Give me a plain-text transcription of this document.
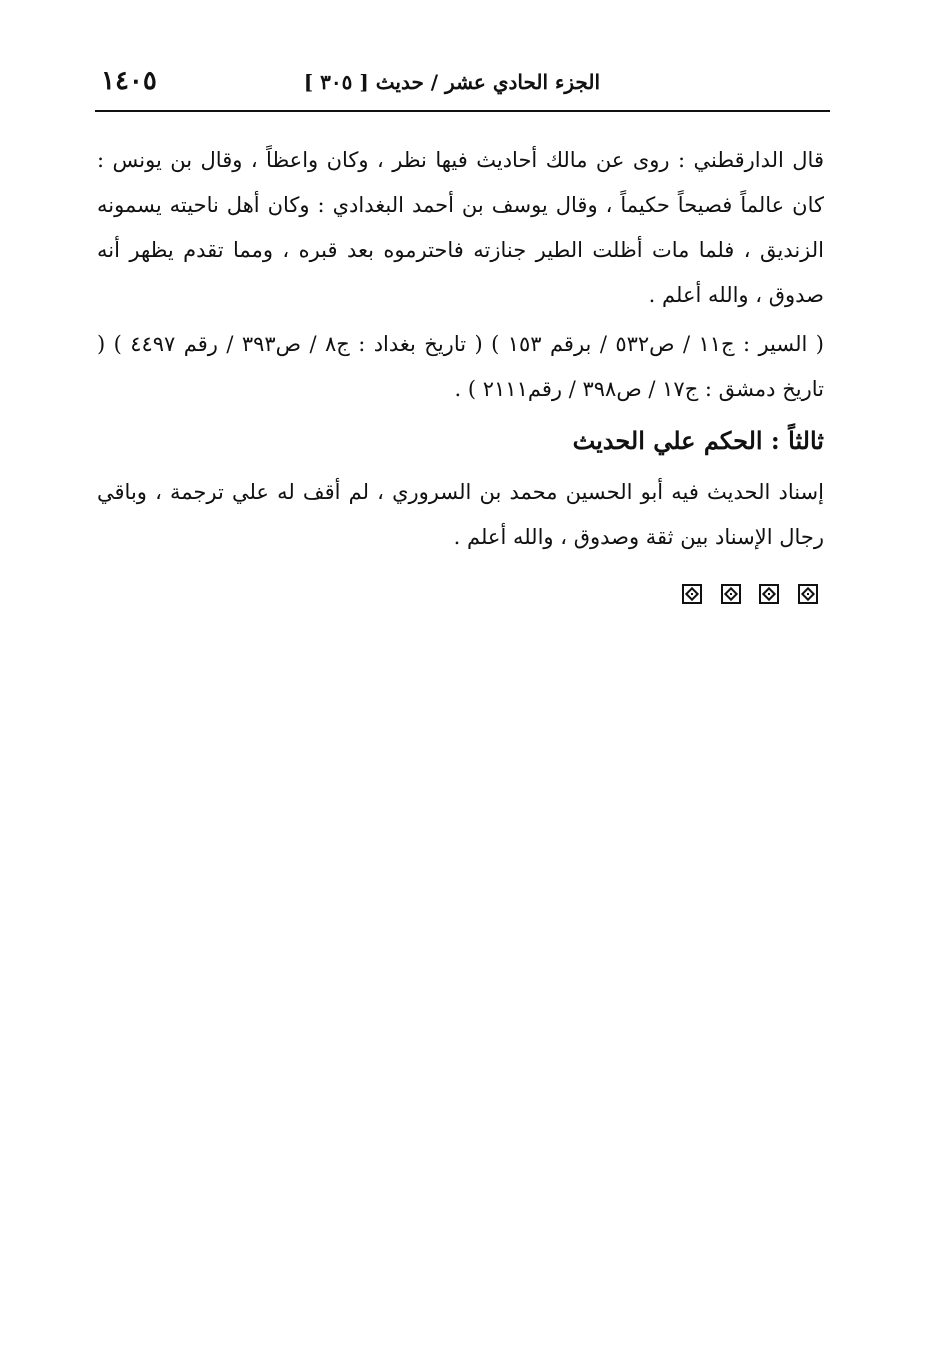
الجزء الحادي عشر / حديث [ ٣٠٥ ]
١٤٠٥

قال الدارقطني : روى عن مالك أحاديث فيها نظر ، وكان واعظاً ، وقال بن يونس : كان عالماً فصيحاً حكيماً ، وقال يوسف بن أحمد البغدادي : وكان أهل ناحيته يسمونه الزنديق ، فلما مات أظلت الطير جنازته فاحترموه بعد قبره ، ومما تقدم يظهر أنه صدوق ، والله أعلم .

( السير : ج١١ / ص٥٣٢ / برقم ١٥٣ ) ( تاريخ بغداد : ج٨ / ص٣٩٣ / رقم ٤٤٩٧ ) ( تاريخ دمشق : ج١٧ / ص٣٩٨ / رقم٢١١١ ) .

ثالثاً : الحكم علي الحديث

إسناد الحديث فيه أبو الحسين محمد بن السروري ، لم أقف له علي ترجمة ، وباقي رجال الإسناد بين ثقة وصدوق ، والله أعلم .
